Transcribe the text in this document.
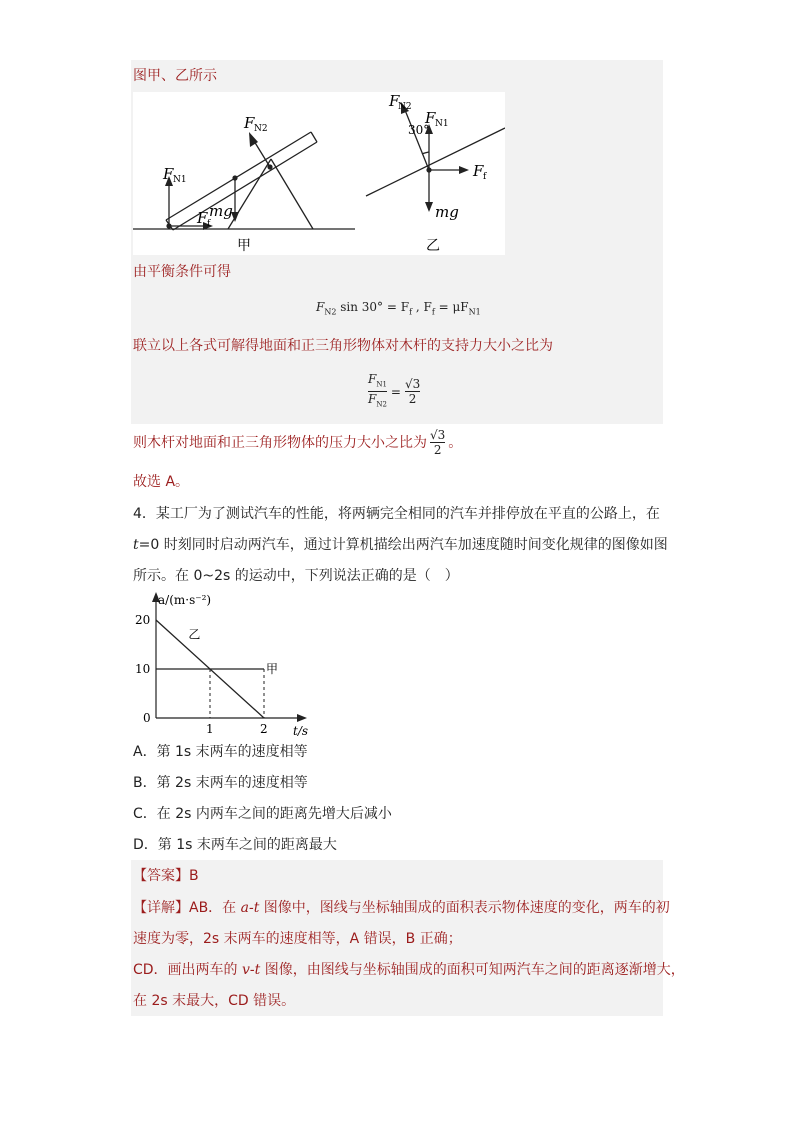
图甲、乙所示
F N1
F N2
mg
F f
甲
F
N2
F N1
30°
F f
mg
乙
由平衡条件可得
$F_{N2}$ $\sin 30^\circ = F_f$ , $F_f = \mu F_{N1}$
联立以上各式可解得地面和正三角形物体对木杆的支持力大小之比为
$\frac{F_{N1}}{F_{N2}} = \frac{√3}{2}$
则木杆对地面和正三角形物体的压力大小之比为 $\frac{√3}{2}$ 。
故选 A。
4．某工厂为了测试汽车的性能，将两辆完全相同的汽车并排停放在平直的公路上，在
t=0 时刻同时启动两汽车，通过计算机描绘出两汽车加速度随时间变化规律的图像如图
所示。在 0~2s 的运动中，下列说法正确的是（　）
a/(m·s⁻²)
t/s
20
10
0
1	2
甲
乙
A．第 1s 末两车的速度相等
B．第 2s 末两车的速度相等
C．在 2s 内两车之间的距离先增大后减小
D．第 1s 末两车之间的距离最大
【答案】B
【详解】AB．在 a-t 图像中，图线与坐标轴围成的面积表示物体速度的变化，两车的初
速度为零，2s 末两车的速度相等，A 错误，B 正确；
CD．画出两车的 v-t 图像，由图线与坐标轴围成的面积可知两汽车之间的距离逐渐增大，
在 2s 末最大，CD 错误。
